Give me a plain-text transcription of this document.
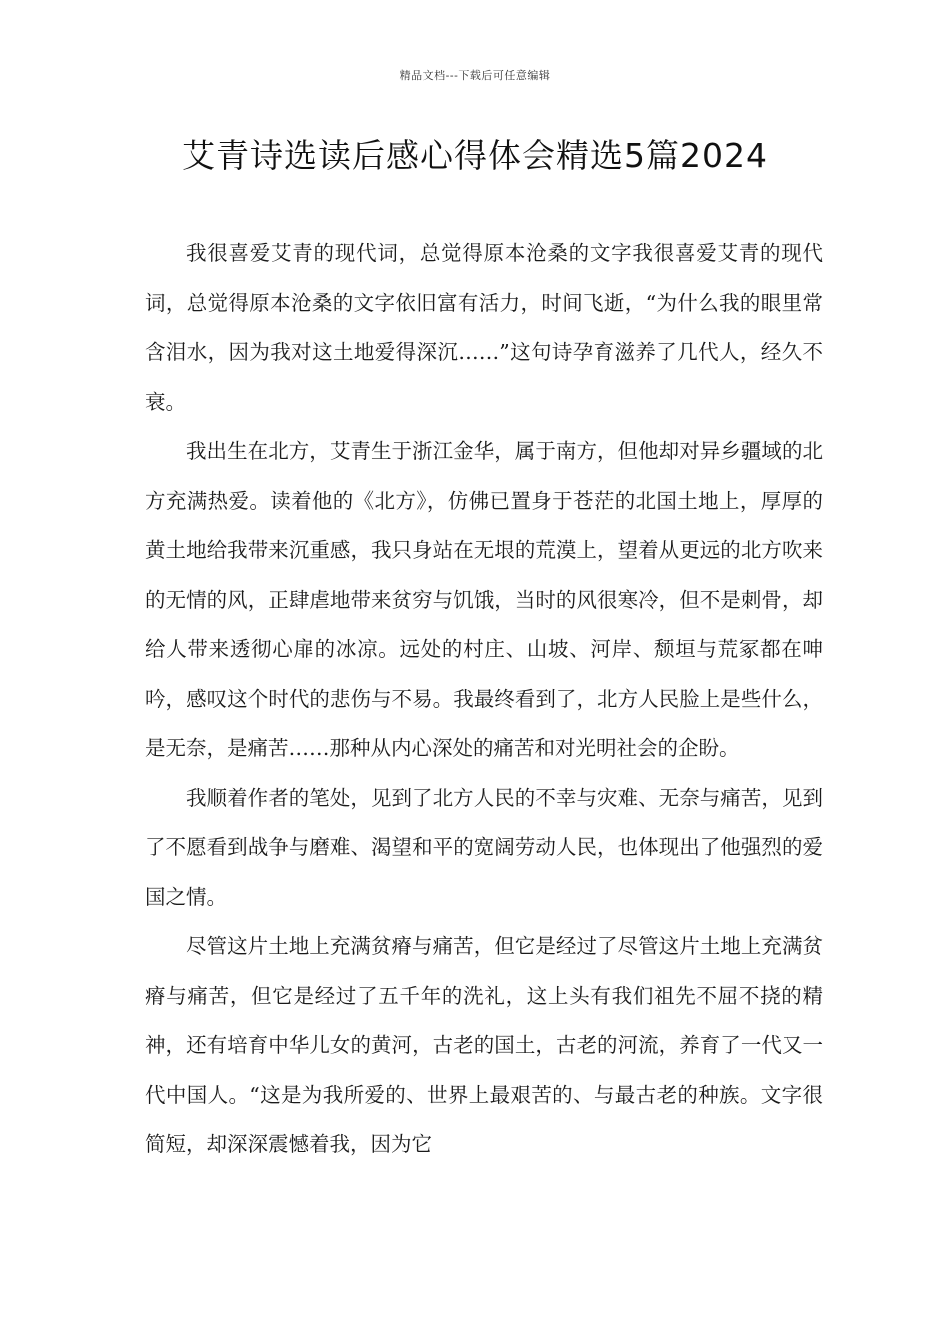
精品文档---下载后可任意编辑
艾青诗选读后感心得体会精选5篇2024

我很喜爱艾青的现代词，总觉得原本沧桑的文字我很喜爱艾青的现代词，总觉得原本沧桑的文字依旧富有活力，时间飞逝，“为什么我的眼里常含泪水，因为我对这土地爱得深沉……”这句诗孕育滋养了几代人，经久不衰。

我出生在北方，艾青生于浙江金华，属于南方，但他却对异乡疆域的北方充满热爱。读着他的《北方》，仿佛已置身于苍茫的北国土地上，厚厚的黄土地给我带来沉重感，我只身站在无垠的荒漠上，望着从更远的北方吹来的无情的风，正肆虐地带来贫穷与饥饿，当时的风很寒冷，但不是刺骨，却给人带来透彻心扉的冰凉。远处的村庄、山坡、河岸、颓垣与荒冢都在呻吟，感叹这个时代的悲伤与不易。我最终看到了，北方人民脸上是些什么，是无奈，是痛苦……那种从内心深处的痛苦和对光明社会的企盼。

我顺着作者的笔处，见到了北方人民的不幸与灾难、无奈与痛苦，见到了不愿看到战争与磨难、渴望和平的宽阔劳动人民，也体现出了他强烈的爱国之情。

尽管这片土地上充满贫瘠与痛苦，但它是经过了尽管这片土地上充满贫瘠与痛苦，但它是经过了五千年的洗礼，这上头有我们祖先不屈不挠的精神，还有培育中华儿女的黄河，古老的国土，古老的河流，养育了一代又一代中国人。“这是为我所爱的、世界上最艰苦的、与最古老的种族。文字很简短，却深深震憾着我，因为它
